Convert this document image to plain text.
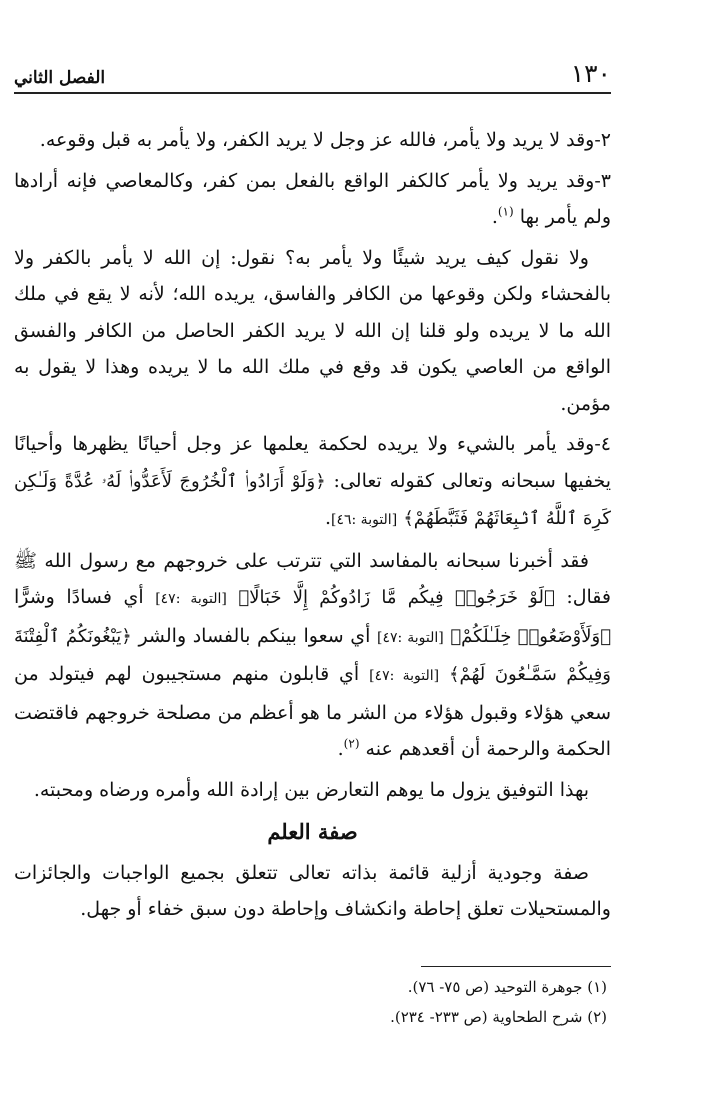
١٣٠
الفصل الثاني

٢-وقد لا يريد ولا يأمر، فالله عز وجل لا يريد الكفر، ولا يأمر به قبل وقوعه.

٣-وقد يريد ولا يأمر كالكفر الواقع بالفعل بمن كفر، وكالمعاصي فإنه أرادها ولم يأمر بها $^{(١)}$.

ولا نقول كيف يريد شيئًا ولا يأمر به؟ نقول: إن الله لا يأمر بالكفر ولا بالفحشاء ولكن وقوعها من الكافر والفاسق، يريده الله؛ لأنه لا يقع في ملك الله ما لا يريده ولو قلنا إن الله لا يريد الكفر الحاصل من الكافر والفسق الواقع من العاصي يكون قد وقع في ملك الله ما لا يريده وهذا لا يقول به مؤمن.

٤-وقد يأمر بالشيء ولا يريده لحكمة يعلمها عز وجل أحيانًا يظهرها وأحيانًا يخفيها سبحانه وتعالى كقوله تعالى: ﴿وَلَوْ أَرَادُوا۟ ٱلْخُرُوجَ لَأَعَدُّوا۟ لَهُۥ عُدَّةً وَلَـٰكِن كَرِهَ ٱللَّهُ ٱنۢبِعَاثَهُمْ فَثَبَّطَهُمْ﴾ [التوبة :٤٦].

فقد أخبرنا سبحانه بالمفاسد التي تترتب على خروجهم مع رسول الله ﷺ فقال: ﴿لَوْ خَرَجُوا۟ فِيكُم مَّا زَادُوكُمْ إِلَّا خَبَالًا﴾ [التوبة :٤٧] أي فسادًا وشرًّا ﴿وَلَأَوْضَعُوا۟ خِلَـٰلَكُمْ﴾ [التوبة :٤٧] أي سعوا بينكم بالفساد والشر ﴿يَبْغُونَكُمُ ٱلْفِتْنَةَ وَفِيكُمْ سَمَّـٰعُونَ لَهُمْ﴾ [التوبة :٤٧] أي قابلون منهم مستجيبون لهم فيتولد من سعي هؤلاء وقبول هؤلاء من الشر ما هو أعظم من مصلحة خروجهم فاقتضت الحكمة والرحمة أن أقعدهم عنه $^{(٢)}$.

بهذا التوفيق يزول ما يوهم التعارض بين إرادة الله وأمره ورضاه ومحبته.

صفة العلم

صفة وجودية أزلية قائمة بذاته تعالى تتعلق بجميع الواجبات والجائزات والمستحيلات تعلق إحاطة وانكشاف وإحاطة دون سبق خفاء أو جهل.

(١) جوهرة التوحيد (ص ٧٥- ٧٦).
(٢) شرح الطحاوية (ص ٢٣٣- ٢٣٤).
